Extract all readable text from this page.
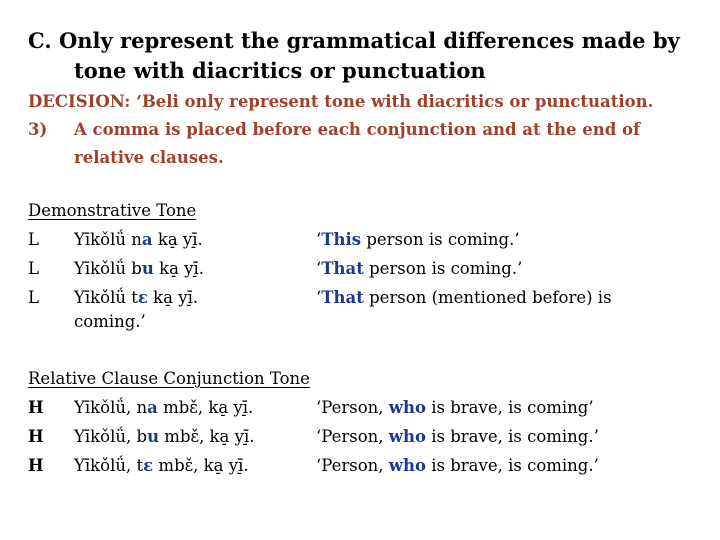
C. Only represent the grammatical differences made by
tone with diacritics or punctuation
DECISION: ‘Beli only represent tone with diacritics or punctuation.
3) A comma is placed before each conjunction and at the end of
relative clauses.
Demonstrative Tone
L Yīkǒlǘ na ka̠ yī̠.	‘This person is coming.’
L Yīkǒlǘ bu ka̠ yī̠.	‘That person is coming.’
L Yīkǒlǘ tɛ ka̠ yī̠.	‘That person (mentioned before) is
coming.’
Relative Clause Conjunction Tone
H Yīkǒlǘ, na mbɛ̌, ka̠ yī̠.	‘Person, who is brave, is coming’
H Yīkǒlǘ, bu mbɛ̌, ka̠ yī̠.	‘Person, who is brave, is coming.’
H Yīkǒlǘ, tɛ mbɛ̌, ka̠ yī̠.	‘Person, who is brave, is coming.’
